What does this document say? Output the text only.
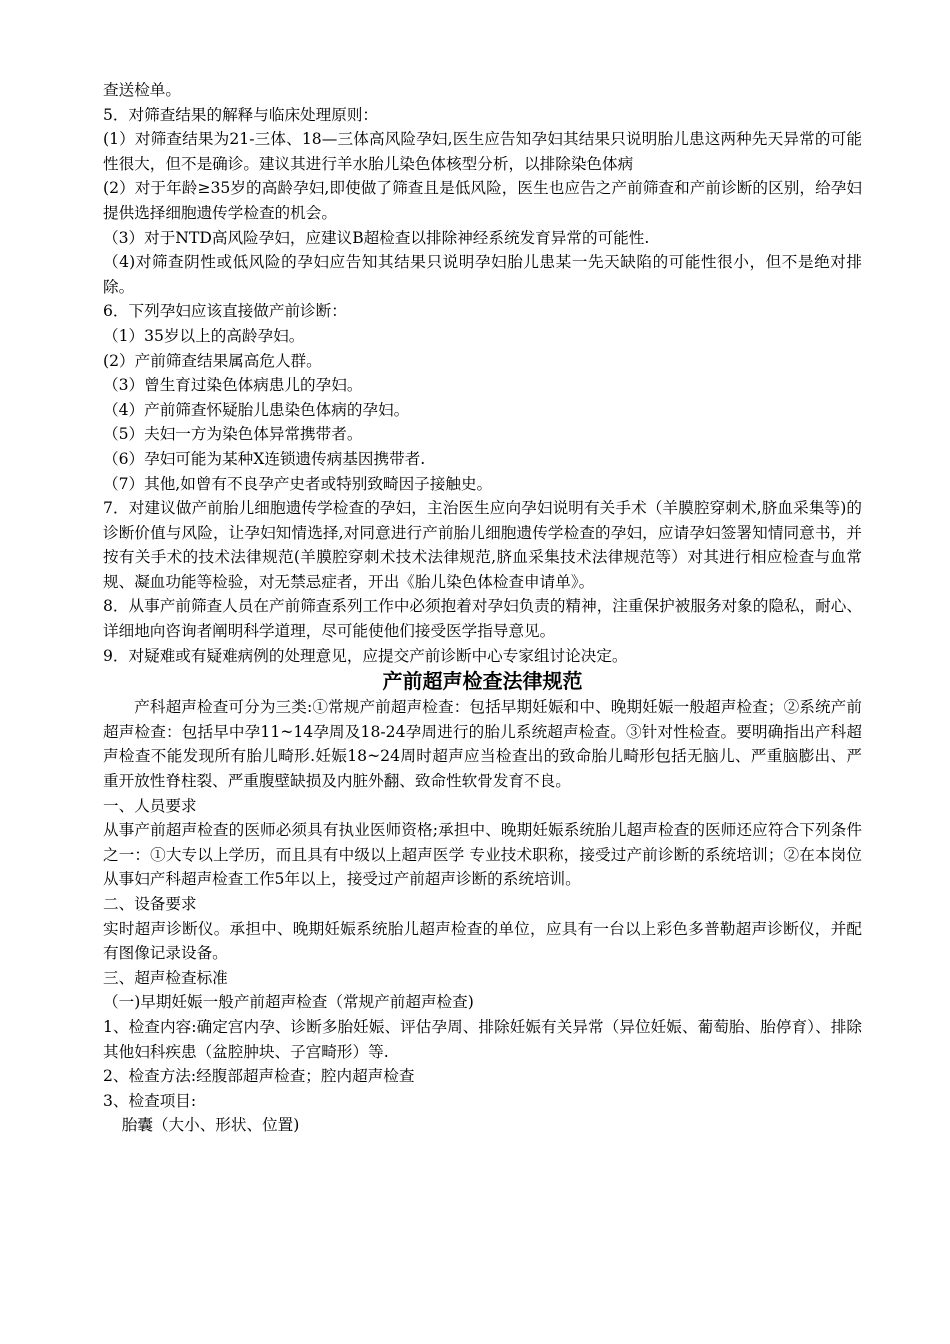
查送检单。

5．对筛查结果的解释与临床处理原则：

(1）对筛查结果为21-三体、18—三体高风险孕妇,医生应告知孕妇其结果只说明胎儿患这两种先天异常的可能性很大，但不是确诊。建议其进行羊水胎儿染色体核型分析，以排除染色体病

(2）对于年龄≥35岁的高龄孕妇,即使做了筛查且是低风险，医生也应告之产前筛查和产前诊断的区别，给孕妇提供选择细胞遗传学检查的机会。

（3）对于NTD高风险孕妇，应建议B超检查以排除神经系统发育异常的可能性.

（4)对筛查阴性或低风险的孕妇应告知其结果只说明孕妇胎儿患某一先天缺陷的可能性很小，但不是绝对排除。

6．下列孕妇应该直接做产前诊断：

（1）35岁以上的高龄孕妇。

(2）产前筛查结果属高危人群。

（3）曾生育过染色体病患儿的孕妇。

（4）产前筛查怀疑胎儿患染色体病的孕妇。

（5）夫妇一方为染色体异常携带者。

（6）孕妇可能为某种X连锁遗传病基因携带者.

（7）其他,如曾有不良孕产史者或特别致畸因子接触史。

7．对建议做产前胎儿细胞遗传学检查的孕妇，主治医生应向孕妇说明有关手术（羊膜腔穿刺术,脐血采集等)的诊断价值与风险，让孕妇知情选择,对同意进行产前胎儿细胞遗传学检查的孕妇，应请孕妇签署知情同意书，并按有关手术的技术法律规范(羊膜腔穿刺术技术法律规范,脐血采集技术法律规范等）对其进行相应检查与血常规、凝血功能等检验，对无禁忌症者，开出《胎儿染色体检查申请单》。

8．从事产前筛查人员在产前筛查系列工作中必须抱着对孕妇负责的精神，注重保护被服务对象的隐私，耐心、详细地向咨询者阐明科学道理，尽可能使他们接受医学指导意见。

9．对疑难或有疑难病例的处理意见，应提交产前诊断中心专家组讨论决定。

产前超声检查法律规范

产科超声检查可分为三类:①常规产前超声检查：包括早期妊娠和中、晚期妊娠一般超声检查；②系统产前超声检查：包括早中孕11~14孕周及18-24孕周进行的胎儿系统超声检查。③针对性检查。要明确指出产科超声检查不能发现所有胎儿畸形.妊娠18~24周时超声应当检查出的致命胎儿畸形包括无脑儿、严重脑膨出、严重开放性脊柱裂、严重腹壁缺损及内脏外翻、致命性软骨发育不良。

一、人员要求

从事产前超声检查的医师必须具有执业医师资格;承担中、晚期妊娠系统胎儿超声检查的医师还应符合下列条件之一：①大专以上学历，而且具有中级以上超声医学 专业技术职称，接受过产前诊断的系统培训；②在本岗位从事妇产科超声检查工作5年以上，接受过产前超声诊断的系统培训。

二、设备要求

实时超声诊断仪。承担中、晚期妊娠系统胎儿超声检查的单位，应具有一台以上彩色多普勒超声诊断仪，并配有图像记录设备。

三、超声检查标准

（一)早期妊娠一般产前超声检查（常规产前超声检查)

1、检查内容:确定宫内孕、诊断多胎妊娠、评估孕周、排除妊娠有关异常（异位妊娠、葡萄胎、胎停育）、排除其他妇科疾患（盆腔肿块、子宫畸形）等.

2、检查方法:经腹部超声检查；腔内超声检查

3、检查项目:

胎囊（大小、形状、位置)
